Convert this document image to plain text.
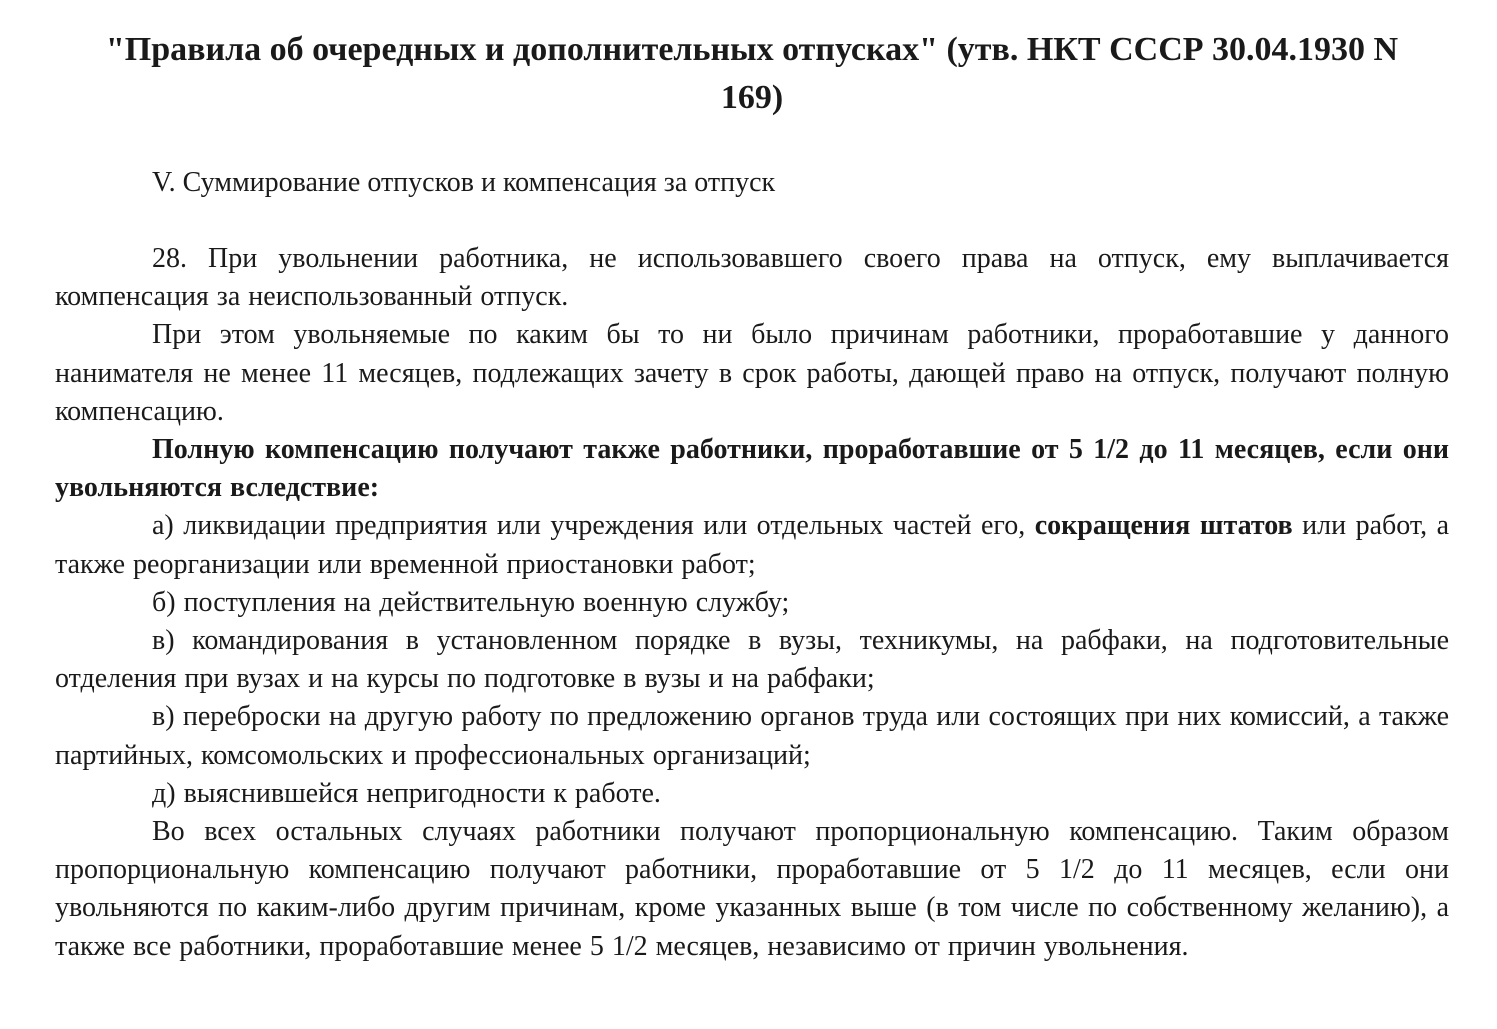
"Правила об очередных и дополнительных отпусках" (утв. НКТ СССР 30.04.1930 N 169)

V. Суммирование отпусков и компенсация за отпуск

28. При увольнении работника, не использовавшего своего права на отпуск, ему выплачивается компенсация за неиспользованный отпуск.

При этом увольняемые по каким бы то ни было причинам работники, проработавшие у данного нанимателя не менее 11 месяцев, подлежащих зачету в срок работы, дающей право на отпуск, получают полную компенсацию.

Полную компенсацию получают также работники, проработавшие от 5 1/2 до 11 месяцев, если они увольняются вследствие:

а) ликвидации предприятия или учреждения или отдельных частей его, сокращения штатов или работ, а также реорганизации или временной приостановки работ;

б) поступления на действительную военную службу;

в) командирования в установленном порядке в вузы, техникумы, на рабфаки, на подготовительные отделения при вузах и на курсы по подготовке в вузы и на рабфаки;

в) переброски на другую работу по предложению органов труда или состоящих при них комиссий, а также партийных, комсомольских и профессиональных организаций;

д) выяснившейся непригодности к работе.

Во всех остальных случаях работники получают пропорциональную компенсацию. Таким образом пропорциональную компенсацию получают работники, проработавшие от 5 1/2 до 11 месяцев, если они увольняются по каким-либо другим причинам, кроме указанных выше (в том числе по собственному желанию), а также все работники, проработавшие менее 5 1/2 месяцев, независимо от причин увольнения.
